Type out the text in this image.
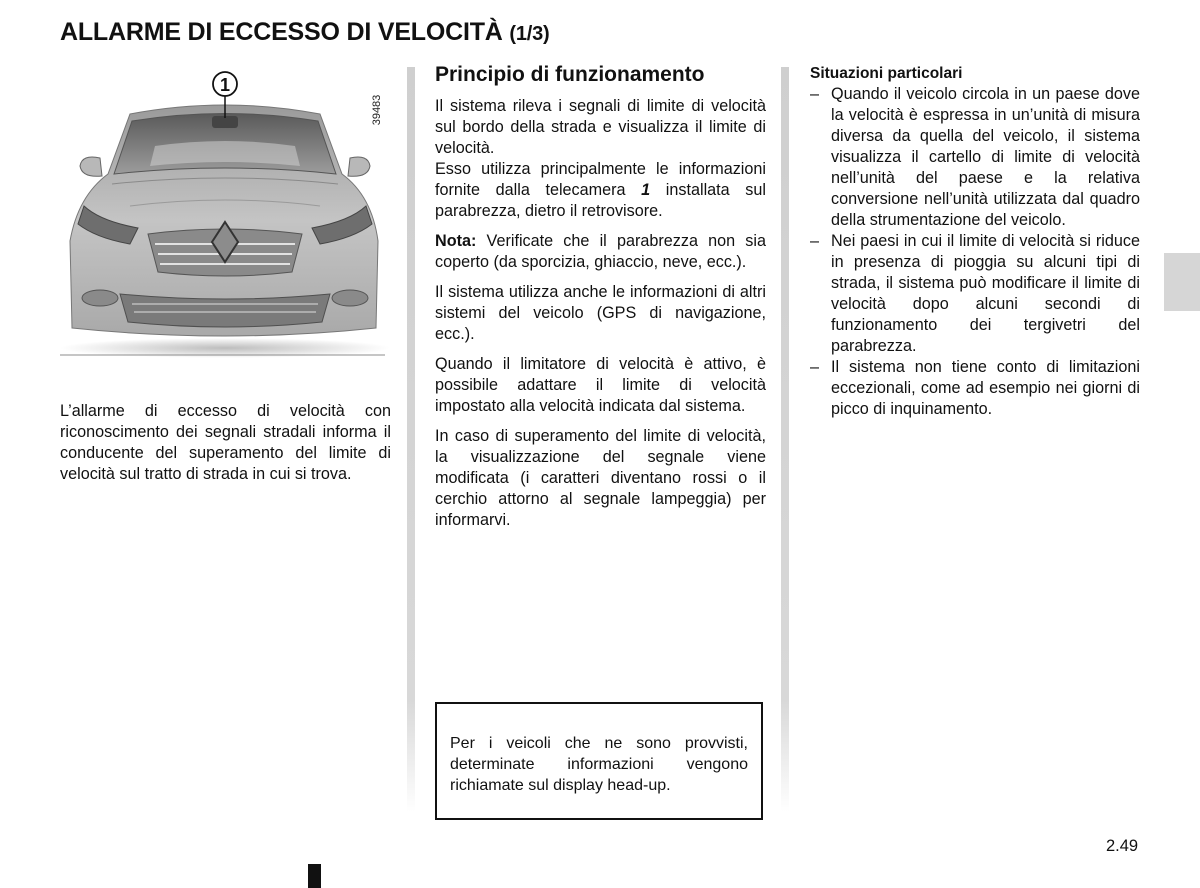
ALLARME DI ECCESSO DI VELOCITÀ (1/3)
1
39483

L’allarme di eccesso di velocità con riconoscimento dei segnali stradali informa il conducente del superamento del limite di velocità sul tratto di strada in cui si trova.

Principio di funzionamento

Il sistema rileva i segnali di limite di velocità sul bordo della strada e visualizza il limite di velocità.

Esso utilizza principalmente le informazioni fornite dalla telecamera 1 installata sul parabrezza, dietro il retrovisore.

Nota: Verificate che il parabrezza non sia coperto (da sporcizia, ghiaccio, neve, ecc.).

Il sistema utilizza anche le informazioni di altri sistemi del veicolo (GPS di navigazione, ecc.).

Quando il limitatore di velocità è attivo, è possibile adattare il limite di velocità impostato alla velocità indicata dal sistema.

In caso di superamento del limite di velocità, la visualizzazione del segnale viene modificata (i caratteri diventano rossi o il cerchio attorno al segnale lampeggia) per informarvi.

Per i veicoli che ne sono provvisti, determinate informazioni vengono richiamate sul display head-up.
Situazioni particolari
– Quando il veicolo circola in un paese dove la velocità è espressa in un’unità di misura diversa da quella del veicolo, il sistema visualizza il cartello di limite di velocità nell’unità del paese e la relativa conversione nell’unità utilizzata dal quadro della strumentazione del veicolo.
– Nei paesi in cui il limite di velocità si riduce in presenza di pioggia su alcuni tipi di strada, il sistema può modificare il limite di velocità dopo alcuni secondi di funzionamento dei tergivetri del parabrezza.
– Il sistema non tiene conto di limitazioni eccezionali, come ad esempio nei giorni di picco di inquinamento.
2.49
